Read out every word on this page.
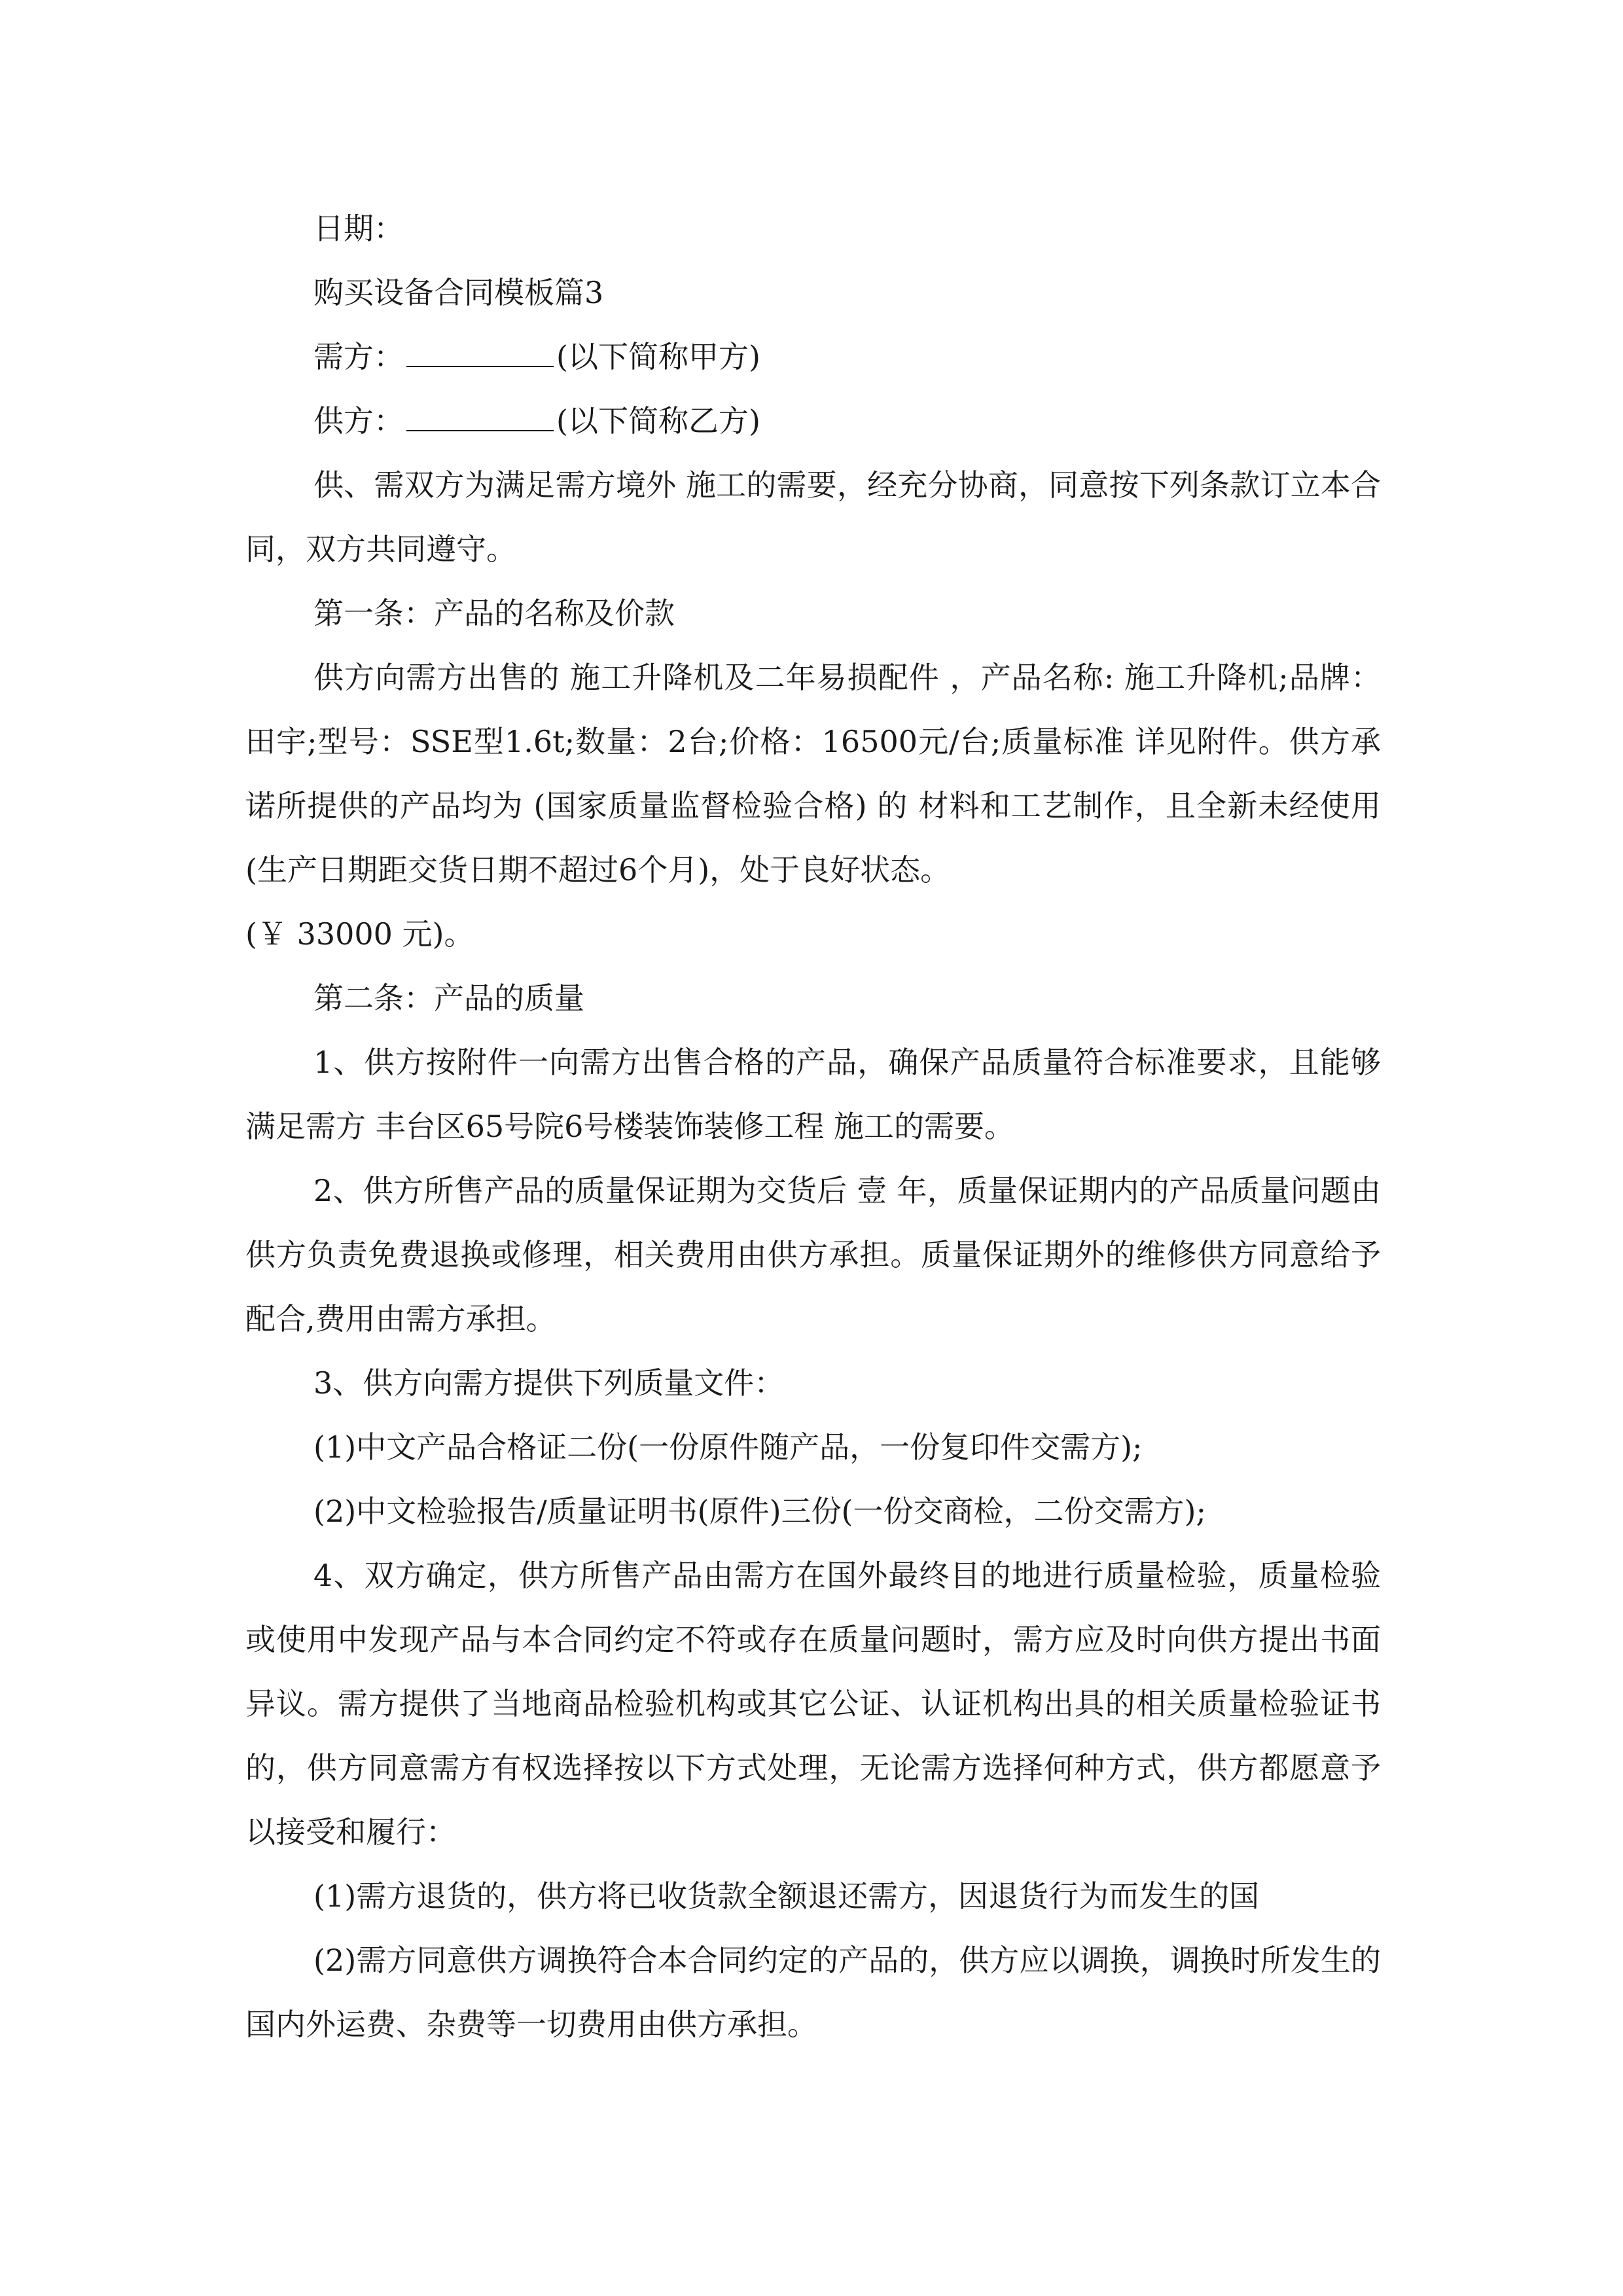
日期：

购买设备合同模板篇3

需方：	(以下简称甲方)

供方：	(以下简称乙方)

供、需双方为满足需方境外 施工的需要，经充分协商，同意按下列条款订立本合同，双方共同遵守。

第一条：产品的名称及价款

供方向需方出售的 施工升降机及二年易损配件 ，产品名称: 施工升降机;品牌：田宇;型号：SSE型1.6t;数量：2台;价格：16500元/台;质量标准 详见附件。供方承诺所提供的产品均为 (国家质量监督检验合格) 的 材料和工艺制作，且全新未经使用(生产日期距交货日期不超过6个月)，处于良好状态。

(￥ 33000 元)。

第二条：产品的质量

1、供方按附件一向需方出售合格的产品，确保产品质量符合标准要求，且能够满足需方 丰台区65号院6号楼装饰装修工程 施工的需要。

2、供方所售产品的质量保证期为交货后 壹 年，质量保证期内的产品质量问题由供方负责免费退换或修理，相关费用由供方承担。质量保证期外的维修供方同意给予配合,费用由需方承担。

3、供方向需方提供下列质量文件：

(1)中文产品合格证二份(一份原件随产品，一份复印件交需方);

(2)中文检验报告/质量证明书(原件)三份(一份交商检，二份交需方);

4、双方确定，供方所售产品由需方在国外最终目的地进行质量检验，质量检验或使用中发现产品与本合同约定不符或存在质量问题时，需方应及时向供方提出书面异议。需方提供了当地商品检验机构或其它公证、认证机构出具的相关质量检验证书的，供方同意需方有权选择按以下方式处理，无论需方选择何种方式，供方都愿意予以接受和履行：

(1)需方退货的，供方将已收货款全额退还需方，因退货行为而发生的国

(2)需方同意供方调换符合本合同约定的产品的，供方应以调换，调换时所发生的国内外运费、杂费等一切费用由供方承担。
